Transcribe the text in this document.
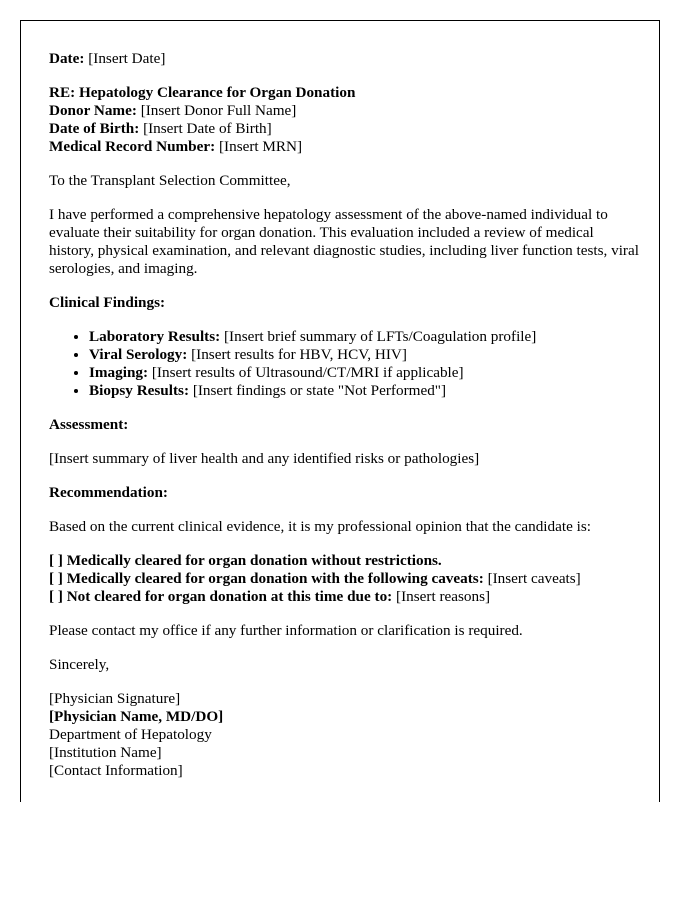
Date: [Insert Date]

RE: Hepatology Clearance for Organ Donation
Donor Name: [Insert Donor Full Name]
Date of Birth: [Insert Date of Birth]
Medical Record Number: [Insert MRN]

To the Transplant Selection Committee,

I have performed a comprehensive hepatology assessment of the above-named individual to evaluate their suitability for organ donation. This evaluation included a review of medical history, physical examination, and relevant diagnostic studies, including liver function tests, viral serologies, and imaging.

Clinical Findings:

• Laboratory Results: [Insert brief summary of LFTs/Coagulation profile]
• Viral Serology: [Insert results for HBV, HCV, HIV]
• Imaging: [Insert results of Ultrasound/CT/MRI if applicable]
• Biopsy Results: [Insert findings or state "Not Performed"]

Assessment:

[Insert summary of liver health and any identified risks or pathologies]

Recommendation:

Based on the current clinical evidence, it is my professional opinion that the candidate is:

[ ] Medically cleared for organ donation without restrictions.
[ ] Medically cleared for organ donation with the following caveats: [Insert caveats]
[ ] Not cleared for organ donation at this time due to: [Insert reasons]

Please contact my office if any further information or clarification is required.

Sincerely,

[Physician Signature]
[Physician Name, MD/DO]
Department of Hepatology
[Institution Name]
[Contact Information]
